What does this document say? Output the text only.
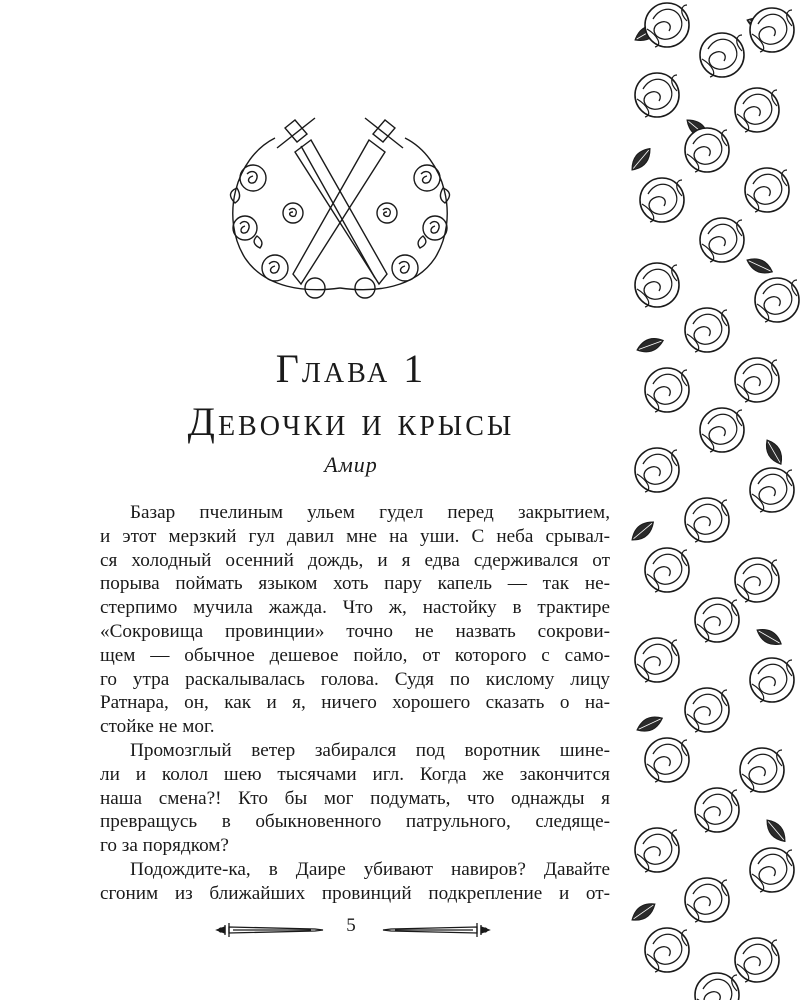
Глава 1
Девочки и крысы
Амир
Базар пчелиным ульем гудел перед закрытием,
и этот мерзкий гул давил мне на уши. С неба срывал-
ся холодный осенний дождь, и я едва сдерживался от
порыва поймать языком хоть пару капель — так не-
стерпимо мучила жажда. Что ж, настойку в трактире
«Сокровища провинции» точно не назвать сокрови-
щем — обычное дешевое пойло, от которого с само-
го утра раскалывалась голова. Судя по кислому лицу
Ратнара, он, как и я, ничего хорошего сказать о на-
стойке не мог.
Промозглый ветер забирался под воротник шине-
ли и колол шею тысячами игл. Когда же закончится
наша смена?! Кто бы мог подумать, что однажды я
превращусь в обыкновенного патрульного, следяще-
го за порядком?
Подождите-ка, в Даире убивают навиров? Давайте
сгоним из ближайших провинций подкрепление и от-
5
